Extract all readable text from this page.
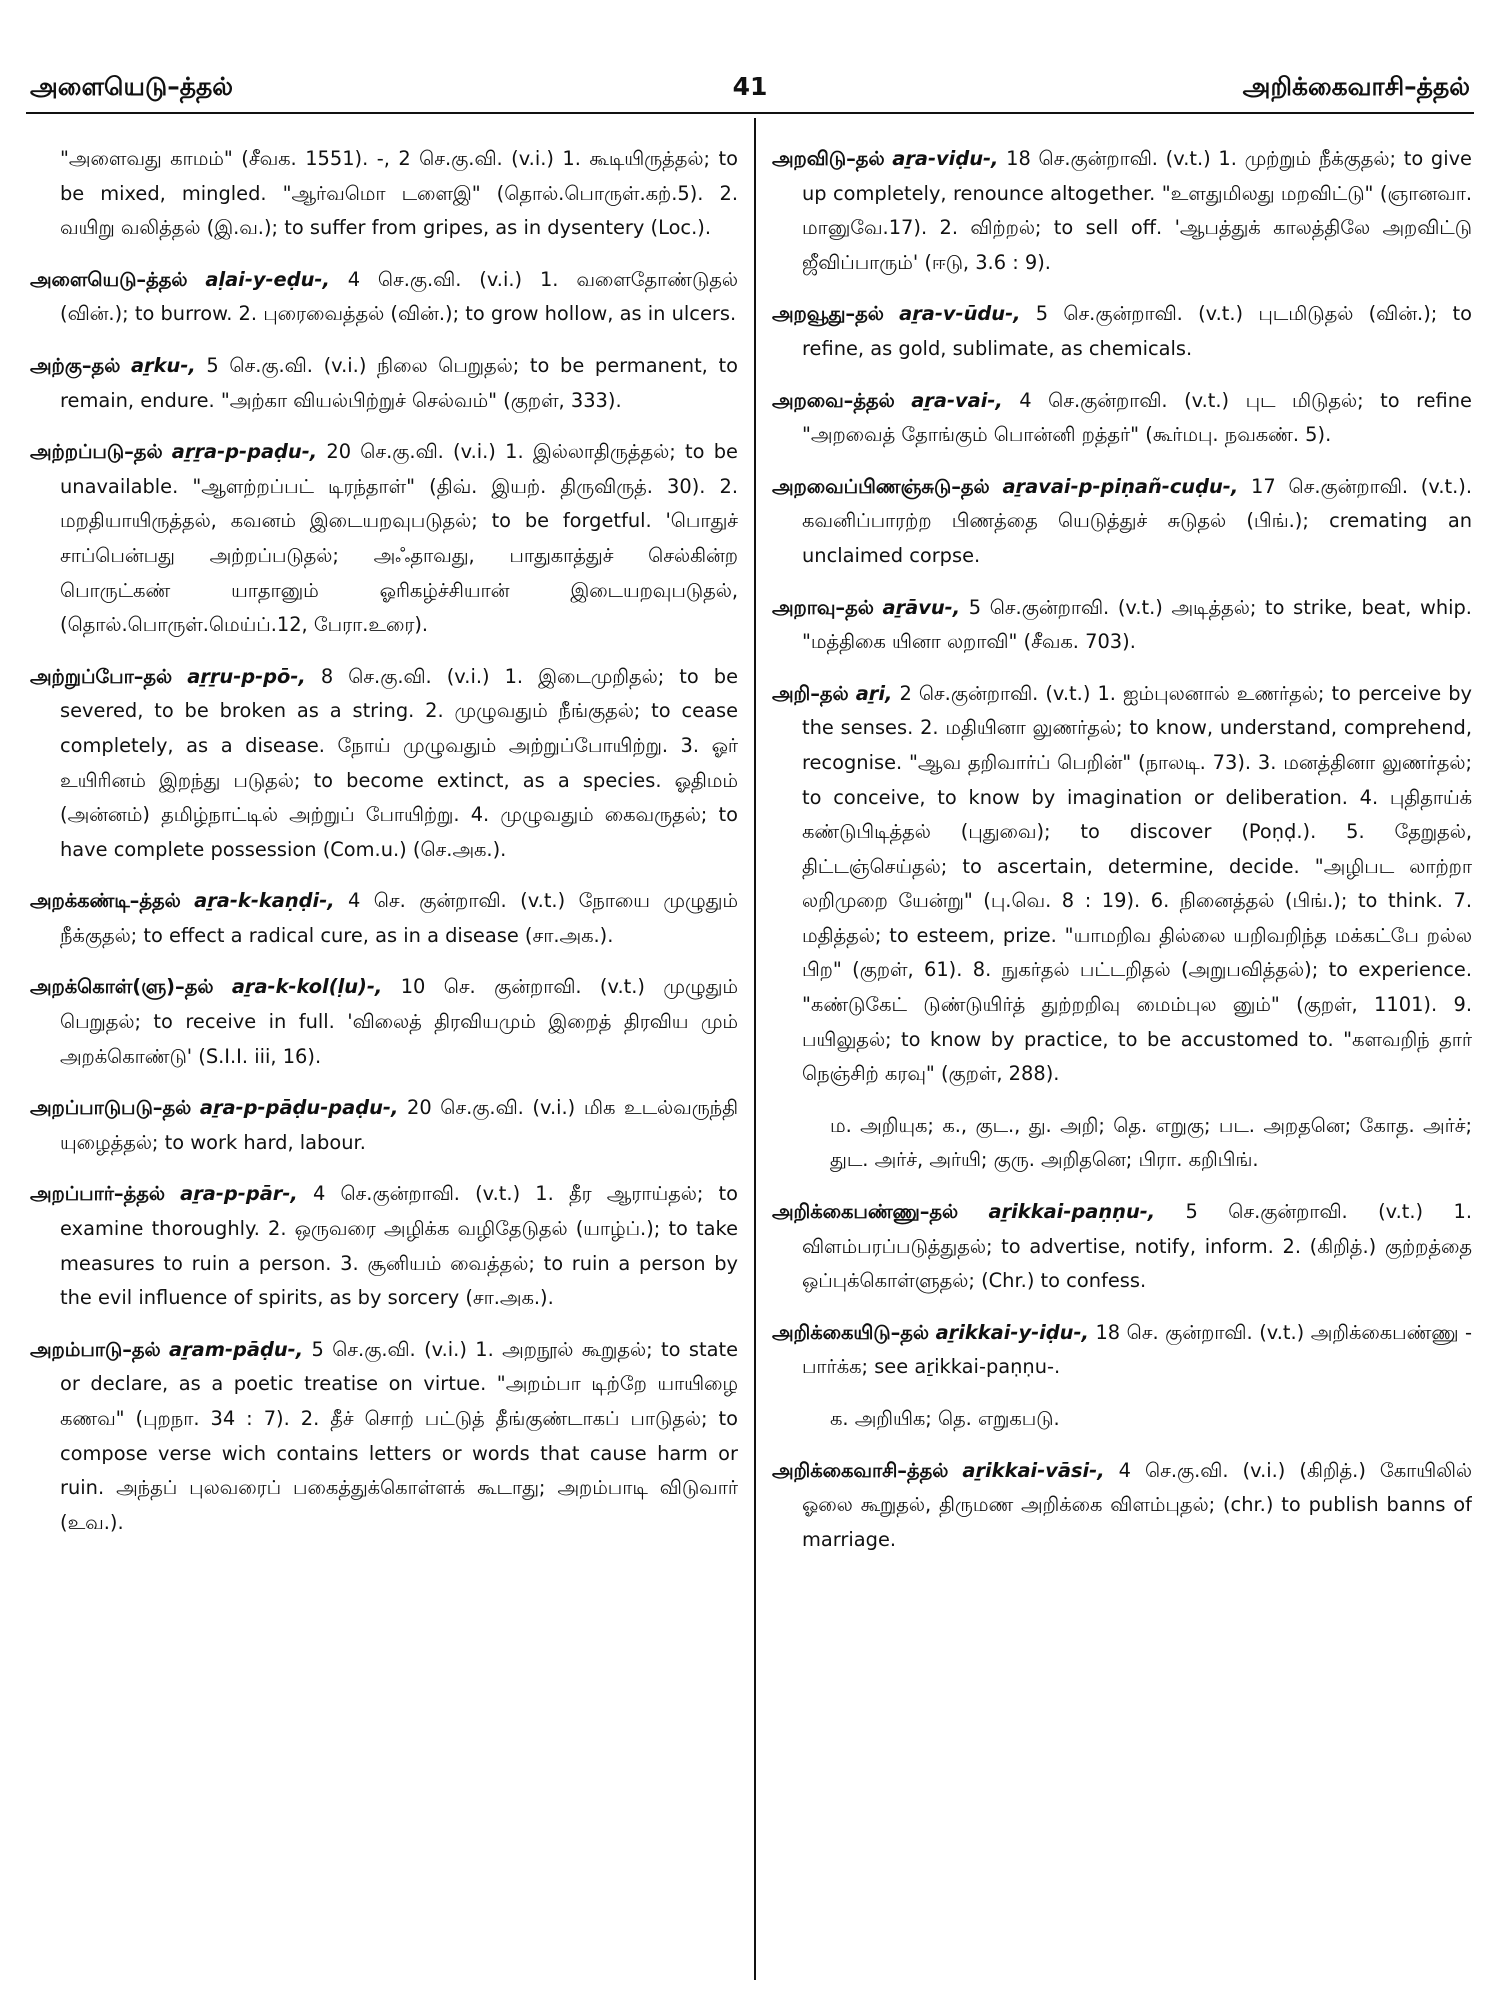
அளையெடு–த்தல்	41	அறிக்கைவாசி–த்தல்

"அளைவது காமம்" (சீவக. 1551). -, 2 செ.கு.வி. (v.i.) 1. கூடியிருத்தல்; to be mixed, mingled. "ஆர்வமொ டளைஇ" (தொல்.பொருள்.கற்.5). 2. வயிறு வலித்தல் (இ.வ.); to suffer from gripes, as in dysentery (Loc.).

அளையெடு–த்தல் aḷai-y-eḍu-, 4 செ.கு.வி. (v.i.) 1. வளைதோண்டுதல் (வின்.); to burrow. 2. புரைவைத்தல் (வின்.); to grow hollow, as in ulcers.

அற்கு–தல் aṟku-, 5 செ.கு.வி. (v.i.) நிலை பெறுதல்; to be permanent, to remain, endure. "அற்கா வியல்பிற்றுச் செல்வம்" (குறள், 333).

அற்றப்படு–தல் aṟṟa-p-paḍu-, 20 செ.கு.வி. (v.i.) 1. இல்லாதிருத்தல்; to be unavailable. "ஆளற்றப்பட் டிரந்தாள்" (திவ். இயற். திருவிருத். 30). 2. மறதியாயிருத்தல், கவனம் இடையறவுபடுதல்; to be forgetful. 'பொதுச் சாப்பென்பது அற்றப்படுதல்; அஃதாவது, பாதுகாத்துச் செல்கின்ற பொருட்கண் யாதானும் ஓரிகழ்ச்சியான் இடையறவுபடுதல், (தொல்.பொருள்.மெய்ப்.12, பேரா.உரை).

அற்றுப்போ–தல் aṟṟu-p-pō-, 8 செ.கு.வி. (v.i.) 1. இடைமுறிதல்; to be severed, to be broken as a string. 2. முழுவதும் நீங்குதல்; to cease completely, as a disease. நோய் முழுவதும் அற்றுப்போயிற்று. 3. ஓர் உயிரினம் இறந்து படுதல்; to become extinct, as a species. ஓதிமம் (அன்னம்) தமிழ்நாட்டில் அற்றுப் போயிற்று. 4. முழுவதும் கைவருதல்; to have complete possession (Com.u.) (செ.அக.).

அறக்கண்டி–த்தல் aṟa-k-kaṇḍi-, 4 செ. குன்றாவி. (v.t.) நோயை முழுதும் நீக்குதல்; to effect a radical cure, as in a disease (சா.அக.).

அறக்கொள்(ளு)–தல் aṟa-k-kol(ḷu)-, 10 செ. குன்றாவி. (v.t.) முழுதும் பெறுதல்; to receive in full. 'விலைத் திரவியமும் இறைத் திரவிய மும் அறக்கொண்டு' (S.I.I. iii, 16).

அறப்பாடுபடு–தல் aṟa-p-pāḍu-paḍu-, 20 செ.கு.வி. (v.i.) மிக உடல்வருந்தி யுழைத்தல்; to work hard, labour.

அறப்பார்–த்தல் aṟa-p-pār-, 4 செ.குன்றாவி. (v.t.) 1. தீர ஆராய்தல்; to examine thoroughly. 2. ஒருவரை அழிக்க வழிதேடுதல் (யாழ்ப்.); to take measures to ruin a person. 3. சூனியம் வைத்தல்; to ruin a person by the evil influence of spirits, as by sorcery (சா.அக.).

அறம்பாடு–தல் aṟam-pāḍu-, 5 செ.கு.வி. (v.i.) 1. அறநூல் கூறுதல்; to state or declare, as a poetic treatise on virtue. "அறம்பா டிற்றே யாயிழை கணவ" (புறநா. 34 : 7). 2. தீச் சொற் பட்டுத் தீங்குண்டாகப் பாடுதல்; to compose verse wich contains letters or words that cause harm or ruin. அந்தப் புலவரைப் பகைத்துக்கொள்ளக் கூடாது; அறம்பாடி விடுவார் (உவ.).

அறவிடு–தல் aṟa-viḍu-, 18 செ.குன்றாவி. (v.t.) 1. முற்றும் நீக்குதல்; to give up completely, renounce altogether. "உளதுமிலது மறவிட்டு" (ஞானவா. மானுவே.17). 2. விற்றல்; to sell off. 'ஆபத்துக் காலத்திலே அறவிட்டு ஜீவிப்பாரும்' (ஈடு, 3.6 : 9).

அறவூது–தல் aṟa-v-ūdu-, 5 செ.குன்றாவி. (v.t.) புடமிடுதல் (வின்.); to refine, as gold, sublimate, as chemicals.

அறவை–த்தல் aṟa-vai-, 4 செ.குன்றாவி. (v.t.) புட மிடுதல்; to refine "அறவைத் தோங்கும் பொன்னி றத்தர்" (கூர்மபு. நவகண். 5).

அறவைப்பிணஞ்சுடு–தல் aṟavai-p-piṇañ-cuḍu-, 17 செ.குன்றாவி. (v.t.). கவனிப்பாரற்ற பிணத்தை யெடுத்துச் சுடுதல் (பிங்.); cremating an unclaimed corpse.

அறாவு–தல் aṟāvu-, 5 செ.குன்றாவி. (v.t.) அடித்தல்; to strike, beat, whip. "மத்திகை யினா லறாவி" (சீவக. 703).

அறி–தல் aṟi, 2 செ.குன்றாவி. (v.t.) 1. ஐம்புலனால் உணர்தல்; to perceive by the senses. 2. மதியினா லுணர்தல்; to know, understand, comprehend, recognise. "ஆவ தறிவார்ப் பெறின்" (நாலடி. 73). 3. மனத்தினா லுணர்தல்; to conceive, to know by imagination or deliberation. 4. புதிதாய்க் கண்டுபிடித்தல் (புதுவை); to discover (Poṇḍ.). 5. தேறுதல், திட்டஞ்செய்தல்; to ascertain, determine, decide. "அழிபட லாற்றா லறிமுறை யேன்று" (பு.வெ. 8 : 19). 6. நினைத்தல் (பிங்.); to think. 7. மதித்தல்; to esteem, prize. "யாமறிவ தில்லை யறிவறிந்த மக்கட்பே றல்ல பிற" (குறள், 61). 8. நுகர்தல் பட்டறிதல் (அறுபவித்தல்); to experience. "கண்டுகேட் டுண்டுயிர்த் துற்றறிவு மைம்புல னும்" (குறள், 1101). 9. பயிலுதல்; to know by practice, to be accustomed to. "களவறிந் தார் நெஞ்சிற் கரவு" (குறள், 288).

ம. அறியுக; க., குட., து. அறி; தெ. எறுகு; பட. அறதனெ; கோத. அர்ச்; துட. அர்ச், அர்யி; குரு. அறிதனெ; பிரா. கறிபிங்.

அறிக்கைபண்ணு–தல் aṟikkai-paṇṇu-, 5 செ.குன்றாவி. (v.t.) 1. விளம்பரப்படுத்துதல்; to advertise, notify, inform. 2. (கிறித்.) குற்றத்தை ஒப்புக்கொள்ளுதல்; (Chr.) to confess.

அறிக்கையிடு–தல் aṟikkai-y-iḍu-, 18 செ. குன்றாவி. (v.t.) அறிக்கைபண்ணு - பார்க்க; see aṟikkai-paṇṇu-.

க. அறியிக; தெ. எறுகபடு.

அறிக்கைவாசி–த்தல் aṟikkai-vāsi-, 4 செ.கு.வி. (v.i.) (கிறித்.) கோயிலில் ஓலை கூறுதல், திருமண அறிக்கை விளம்புதல்; (chr.) to publish banns of marriage.
